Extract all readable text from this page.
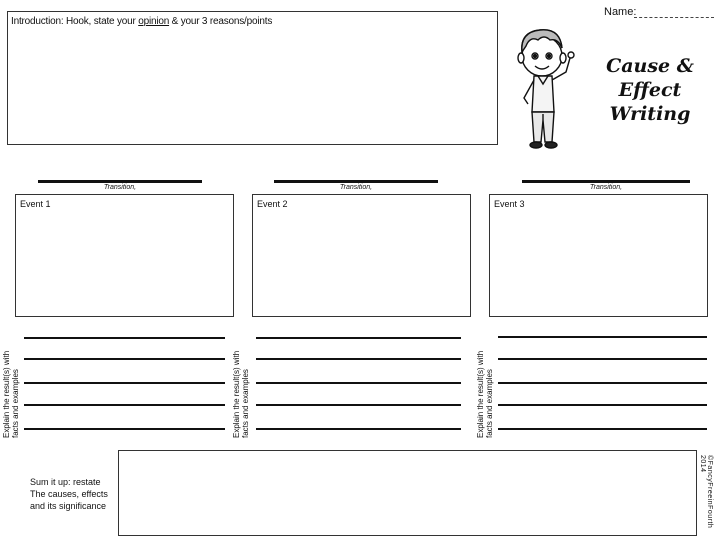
Introduction: Hook, state your opinion & your 3 reasons/points
Name:
Cause &
Effect
Writing
Transition,	Transition,	Transition,
Event 1	Event 2	Event 3
Explain the result(s) with facts and examples	Explain the result(s) with facts and examples	Explain the result(s) with facts and examples
Sum it up: restate The causes, effects and its significance	©FancyFreeinFourth 2014
